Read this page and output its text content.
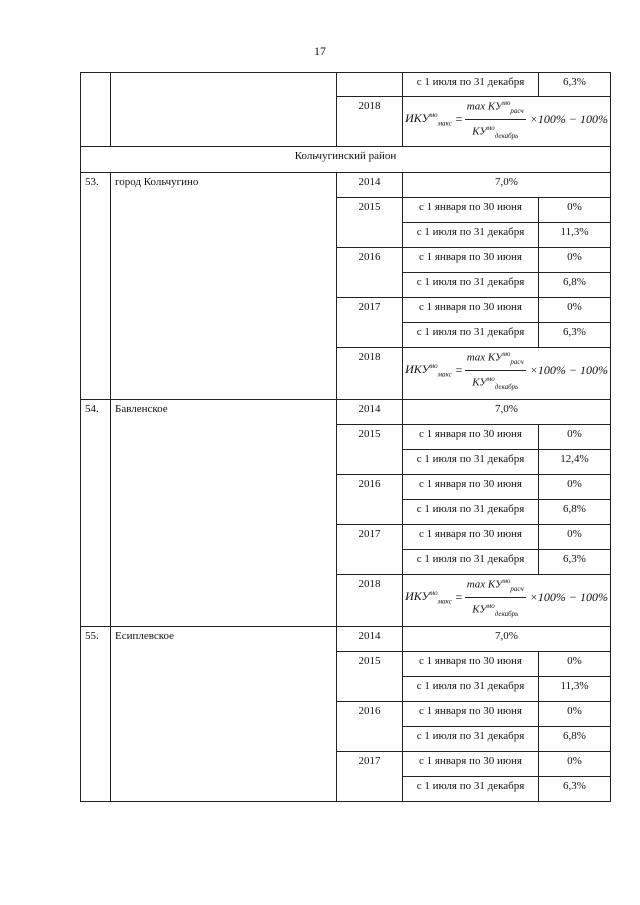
17
			с 1 июля по 31 декабря	6,3%
		2018	$ИКУ^{мо}_{макс} = \frac{\max КУ^{мо}_{расч}}{КУ^{мо}_{декабрь}} \times 100\% - 100\%$	

Кольчугинский район				
53.	город Кольчугино	2014	7,0%	
		2015	с 1 января по 30 июня	0%
			с 1 июля по 31 декабря	11,3%
		2016	с 1 января по 30 июня	0%
			с 1 июля по 31 декабря	6,8%
		2017	с 1 января по 30 июня	0%
			с 1 июля по 31 декабря	6,3%
		2018	$ИКУ^{мо}_{макс} = \frac{\max КУ^{мо}_{расч}}{КУ^{мо}_{декабрь}} \times 100\% - 100\%$	

54.	Бавленское	2014	7,0%	
		2015	с 1 января по 30 июня	0%
			с 1 июля по 31 декабря	12,4%
		2016	с 1 января по 30 июня	0%
			с 1 июля по 31 декабря	6,8%
		2017	с 1 января по 30 июня	0%
			с 1 июля по 31 декабря	6,3%
		2018	$ИКУ^{мо}_{макс} = \frac{\max КУ^{мо}_{расч}}{КУ^{мо}_{декабрь}} \times 100\% - 100\%$	

55.	Есиплевское	2014	7,0%	
		2015	с 1 января по 30 июня	0%
			с 1 июля по 31 декабря	11,3%
		2016	с 1 января по 30 июня	0%
			с 1 июля по 31 декабря	6,8%
		2017	с 1 января по 30 июня	0%
			с 1 июля по 31 декабря	6,3%
